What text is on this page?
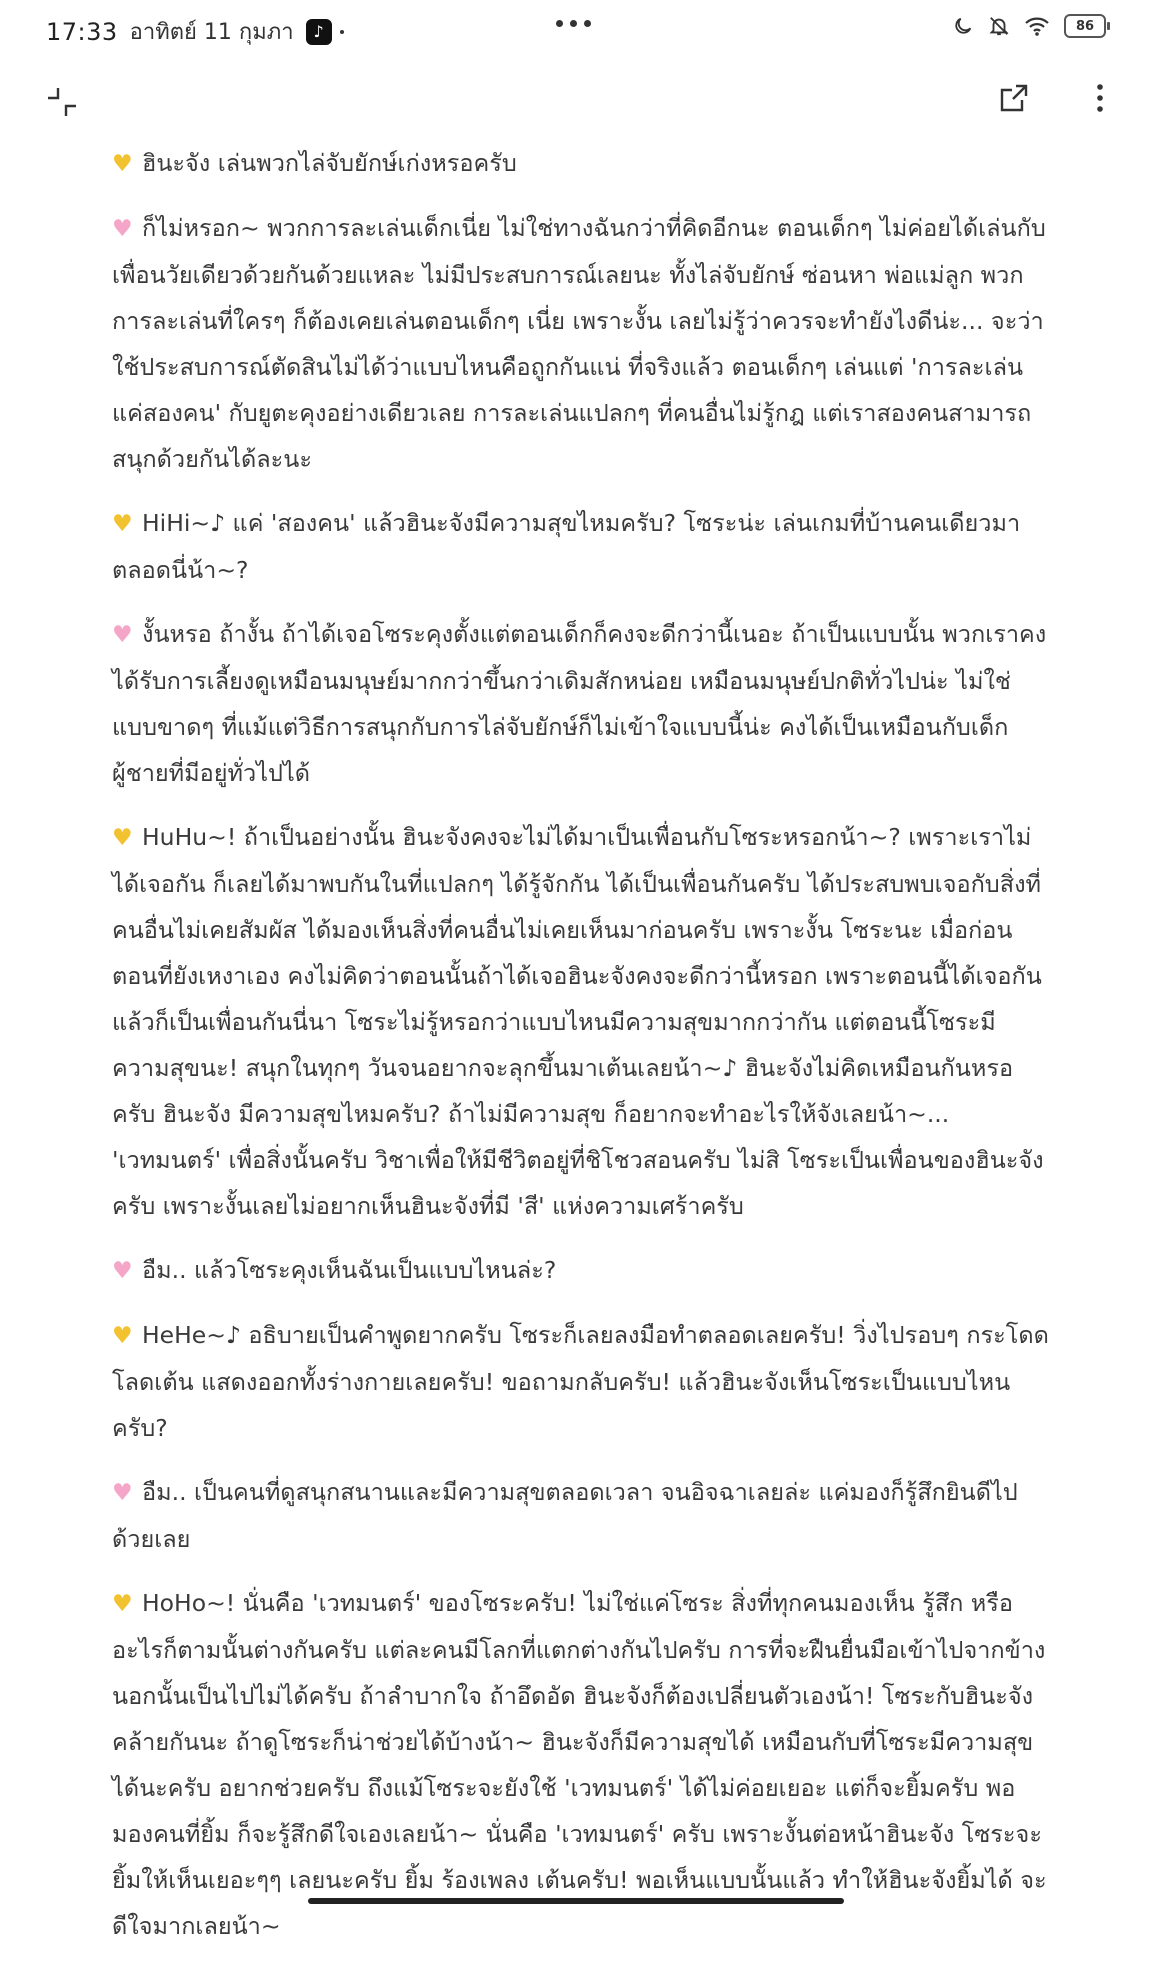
17:33 อาทิตย์ 11 กุมภา	♪	86

♥ ฮินะจัง เล่นพวกไล่จับยักษ์เก่งหรอครับ

♥ ก็ไม่หรอก~ พวกการละเล่นเด็กเนี่ย ไม่ใช่ทางฉันกว่าที่คิดอีกนะ ตอนเด็กๆ ไม่ค่อยได้เล่นกับเพื่อนวัยเดียวด้วยกันด้วยแหละ ไม่มีประสบการณ์เลยนะ ทั้งไล่จับยักษ์ ซ่อนหา พ่อแม่ลูก พวกการละเล่นที่ใครๆ ก็ต้องเคยเล่นตอนเด็กๆ เนี่ย เพราะงั้น เลยไม่รู้ว่าควรจะทำยังไงดีน่ะ... จะว่าใช้ประสบการณ์ตัดสินไม่ได้ว่าแบบไหนคือถูกกันแน่ ที่จริงแล้ว ตอนเด็กๆ เล่นแต่ 'การละเล่นแค่สองคน' กับยูตะคุงอย่างเดียวเลย การละเล่นแปลกๆ ที่คนอื่นไม่รู้กฎ แต่เราสองคนสามารถสนุกด้วยกันได้ละนะ

♥ HiHi~♪ แค่ 'สองคน' แล้วฮินะจังมีความสุขไหมครับ? โซระน่ะ เล่นเกมที่บ้านคนเดียวมาตลอดนี่น้า~?

♥ งั้นหรอ ถ้างั้น ถ้าได้เจอโซระคุงตั้งแต่ตอนเด็กก็คงจะดีกว่านี้เนอะ ถ้าเป็นแบบนั้น พวกเราคงได้รับการเลี้ยงดูเหมือนมนุษย์มากกว่าขึ้นกว่าเดิมสักหน่อย เหมือนมนุษย์ปกติทั่วไปน่ะ ไม่ใช่แบบขาดๆ ที่แม้แต่วิธีการสนุกกับการไล่จับยักษ์ก็ไม่เข้าใจแบบนี้น่ะ คงได้เป็นเหมือนกับเด็กผู้ชายที่มีอยู่ทั่วไปได้

♥ HuHu~! ถ้าเป็นอย่างนั้น ฮินะจังคงจะไม่ได้มาเป็นเพื่อนกับโซระหรอกน้า~? เพราะเราไม่ได้เจอกัน ก็เลยได้มาพบกันในที่แปลกๆ ได้รู้จักกัน ได้เป็นเพื่อนกันครับ ได้ประสบพบเจอกับสิ่งที่คนอื่นไม่เคยสัมผัส ได้มองเห็นสิ่งที่คนอื่นไม่เคยเห็นมาก่อนครับ เพราะงั้น โซระนะ เมื่อก่อนตอนที่ยังเหงาเอง คงไม่คิดว่าตอนนั้นถ้าได้เจอฮินะจังคงจะดีกว่านี้หรอก เพราะตอนนี้ได้เจอกันแล้วก็เป็นเพื่อนกันนี่นา โซระไม่รู้หรอกว่าแบบไหนมีความสุขมากกว่ากัน แต่ตอนนี้โซระมีความสุขนะ! สนุกในทุกๆ วันจนอยากจะลุกขึ้นมาเต้นเลยน้า~♪ ฮินะจังไม่คิดเหมือนกันหรอครับ ฮินะจัง มีความสุขไหมครับ? ถ้าไม่มีความสุข ก็อยากจะทำอะไรให้จังเลยน้า~... 'เวทมนตร์' เพื่อสิ่งนั้นครับ วิชาเพื่อให้มีชีวิตอยู่ที่ชิโชวสอนครับ ไม่สิ โซระเป็นเพื่อนของฮินะจังครับ เพราะงั้นเลยไม่อยากเห็นฮินะจังที่มี 'สี' แห่งความเศร้าครับ

♥ อืม.. แล้วโซระคุงเห็นฉันเป็นแบบไหนล่ะ?

♥ HeHe~♪ อธิบายเป็นคำพูดยากครับ โซระก็เลยลงมือทำตลอดเลยครับ! วิ่งไปรอบๆ กระโดดโลดเต้น แสดงออกทั้งร่างกายเลยครับ! ขอถามกลับครับ! แล้วฮินะจังเห็นโซระเป็นแบบไหนครับ?

♥ อืม.. เป็นคนที่ดูสนุกสนานและมีความสุขตลอดเวลา จนอิจฉาเลยล่ะ แค่มองก็รู้สึกยินดีไปด้วยเลย

♥ HoHo~! นั่นคือ 'เวทมนตร์' ของโซระครับ! ไม่ใช่แค่โซระ สิ่งที่ทุกคนมองเห็น รู้สึก หรืออะไรก็ตามนั้นต่างกันครับ แต่ละคนมีโลกที่แตกต่างกันไปครับ การที่จะฝืนยื่นมือเข้าไปจากข้างนอกนั้นเป็นไปไม่ได้ครับ ถ้าลำบากใจ ถ้าอึดอัด ฮินะจังก็ต้องเปลี่ยนตัวเองน้า! โซระกับฮินะจังคล้ายกันนะ ถ้าดูโซระก็น่าช่วยได้บ้างน้า~ ฮินะจังก็มีความสุขได้ เหมือนกับที่โซระมีความสุขได้นะครับ อยากช่วยครับ ถึงแม้โซระจะยังใช้ 'เวทมนตร์' ได้ไม่ค่อยเยอะ แต่ก็จะยิ้มครับ พอมองคนที่ยิ้ม ก็จะรู้สึกดีใจเองเลยน้า~ นั่นคือ 'เวทมนตร์' ครับ เพราะงั้นต่อหน้าฮินะจัง โซระจะยิ้มให้เห็นเยอะๆๆ เลยนะครับ ยิ้ม ร้องเพลง เต้นครับ! พอเห็นแบบนั้นแล้ว ทำให้ฮินะจังยิ้มได้ จะดีใจมากเลยน้า~
